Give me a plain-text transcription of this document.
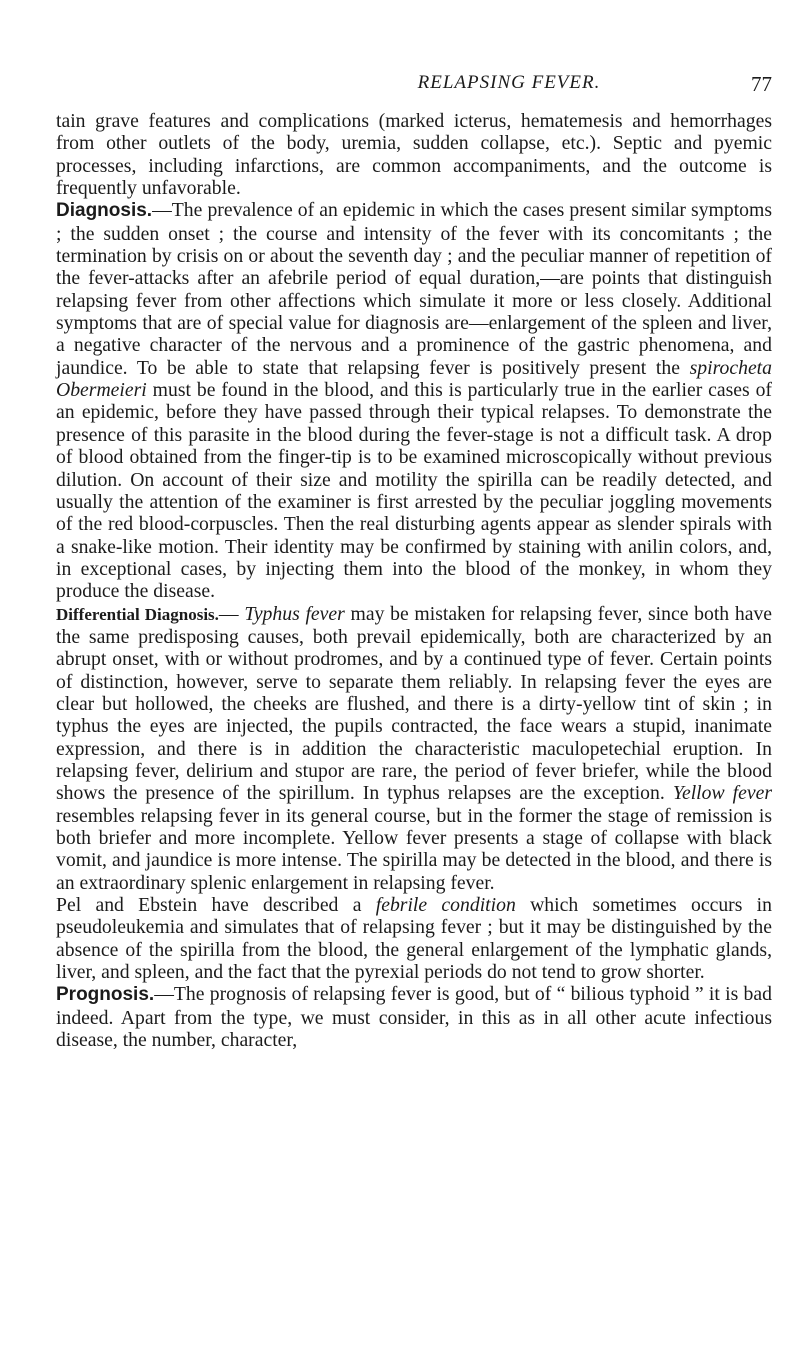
RELAPSING FEVER.	77

tain grave features and complications (marked icterus, hematemesis and hemorrhages from other outlets of the body, uremia, sudden collapse, etc.). Septic and pyemic processes, including infarctions, are common accompaniments, and the outcome is frequently unfavorable.

Diagnosis.—The prevalence of an epidemic in which the cases present similar symptoms ; the sudden onset ; the course and intensity of the fever with its concomitants ; the termination by crisis on or about the seventh day ; and the peculiar manner of repetition of the fever-attacks after an afebrile period of equal duration,—are points that distinguish relapsing fever from other affections which simulate it more or less closely. Additional symptoms that are of special value for diagnosis are—enlargement of the spleen and liver, a negative character of the nervous and a prominence of the gastric phenomena, and jaundice. To be able to state that relapsing fever is positively present the spirocheta Obermeieri must be found in the blood, and this is particularly true in the earlier cases of an epidemic, before they have passed through their typical relapses. To demonstrate the presence of this parasite in the blood during the fever-stage is not a difficult task. A drop of blood obtained from the finger-tip is to be examined microscopically without previous dilution. On account of their size and motility the spirilla can be readily detected, and usually the attention of the examiner is first arrested by the peculiar joggling movements of the red blood-corpuscles. Then the real disturbing agents appear as slender spirals with a snake-like motion. Their identity may be confirmed by staining with anilin colors, and, in exceptional cases, by injecting them into the blood of the monkey, in whom they produce the disease.

Differential Diagnosis.— Typhus fever may be mistaken for relapsing fever, since both have the same predisposing causes, both prevail epidemically, both are characterized by an abrupt onset, with or without prodromes, and by a continued type of fever. Certain points of distinction, however, serve to separate them reliably. In relapsing fever the eyes are clear but hollowed, the cheeks are flushed, and there is a dirty-yellow tint of skin ; in typhus the eyes are injected, the pupils contracted, the face wears a stupid, inanimate expression, and there is in addition the characteristic maculopetechial eruption. In relapsing fever, delirium and stupor are rare, the period of fever briefer, while the blood shows the presence of the spirillum. In typhus relapses are the exception. Yellow fever resembles relapsing fever in its general course, but in the former the stage of remission is both briefer and more incomplete. Yellow fever presents a stage of collapse with black vomit, and jaundice is more intense. The spirilla may be detected in the blood, and there is an extraordinary splenic enlargement in relapsing fever.

Pel and Ebstein have described a febrile condition which sometimes occurs in pseudoleukemia and simulates that of relapsing fever ; but it may be distinguished by the absence of the spirilla from the blood, the general enlargement of the lymphatic glands, liver, and spleen, and the fact that the pyrexial periods do not tend to grow shorter.

Prognosis.—The prognosis of relapsing fever is good, but of “ bilious typhoid ” it is bad indeed. Apart from the type, we must consider, in this as in all other acute infectious disease, the number, character,
